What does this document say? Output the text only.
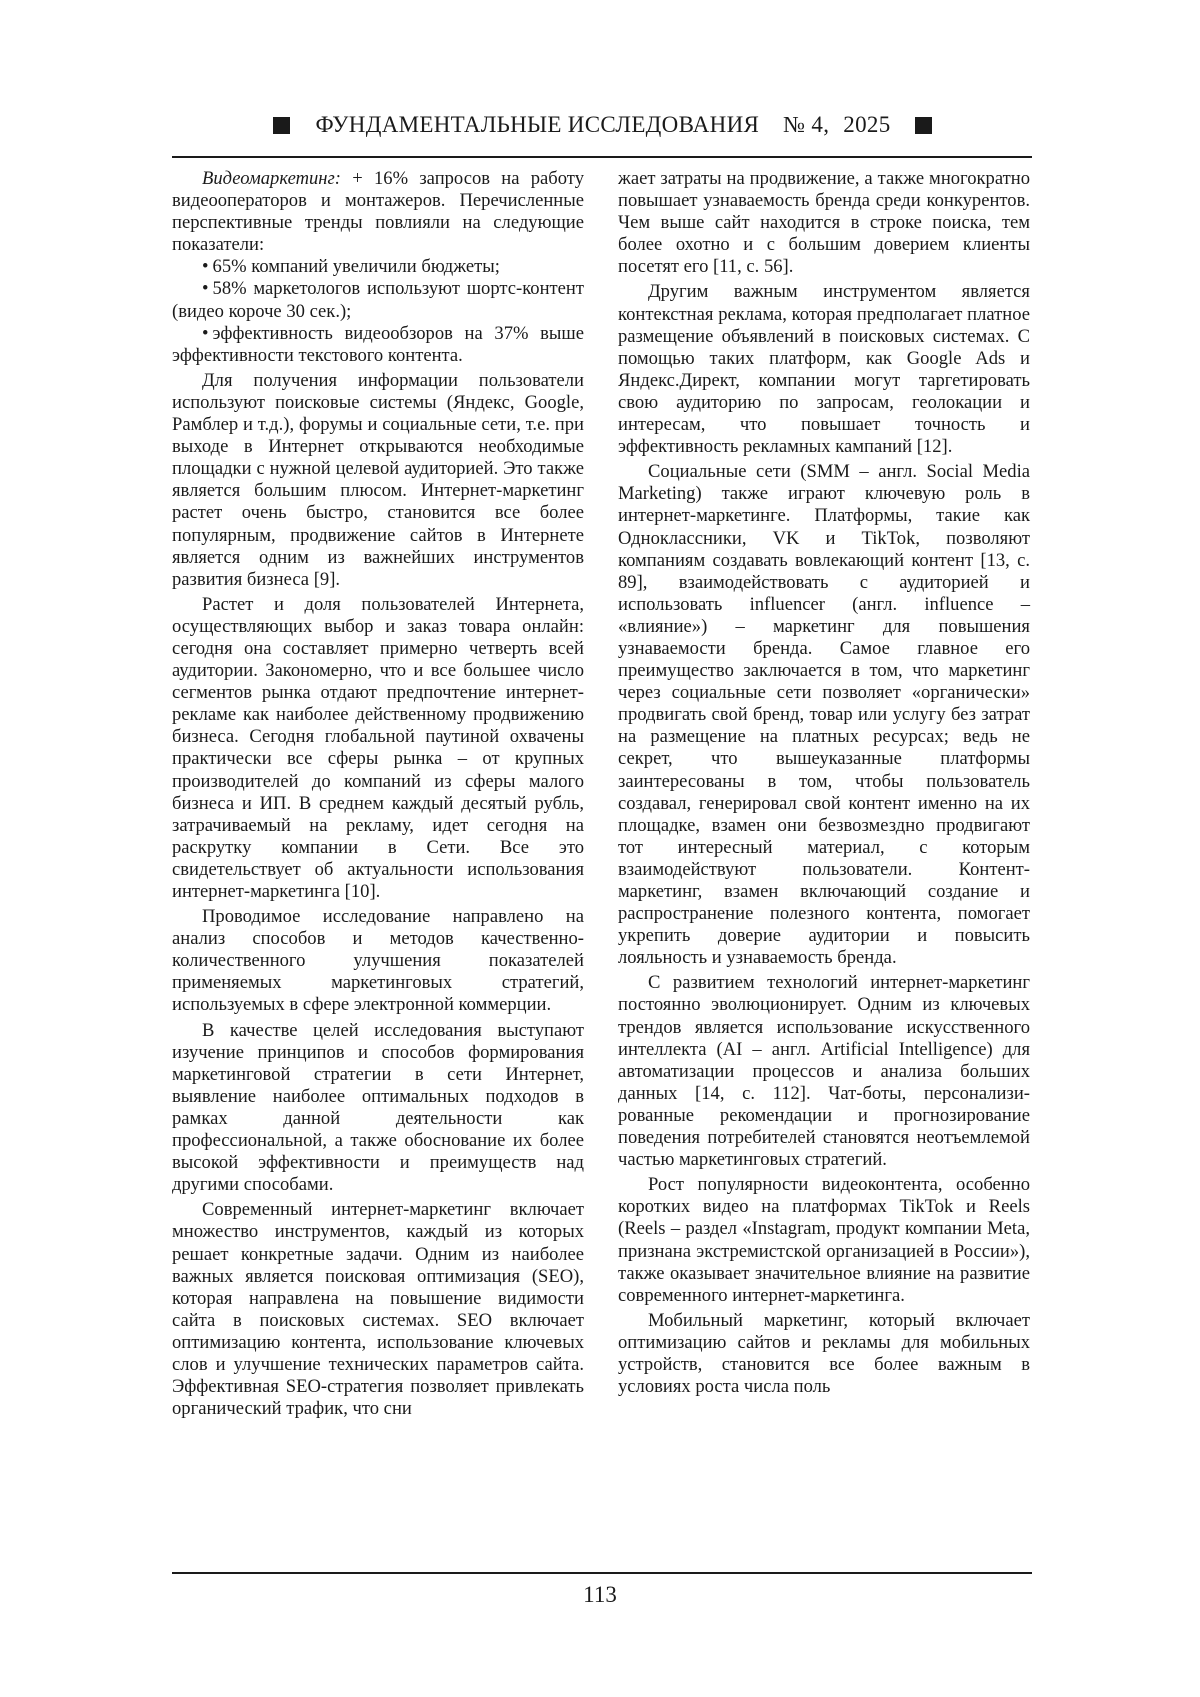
ФУНДАМЕНТАЛЬНЫЕ ИССЛЕДОВАНИЯ № 4, 2025

Видеомаркетинг: + 16% запросов на работу видеооператоров и монтажеров. Перечисленные перспективные тренды повлияли на следующие показатели:

• 65% компаний увеличили бюджеты;
• 58% маркетологов используют шортс-контент (видео короче 30 сек.);
• эффективность видеообзоров на 37% выше эффективности текстового контента.

Для получения информации пользователи используют поисковые системы (Яндекс, Google, Рамблер и т.д.), форумы и социальные сети, т.е. при выходе в Интернет открываются необходимые площадки с нужной целевой аудиторией. Это также является большим плюсом. Интернет-маркетинг растет очень быстро, становится все более популярным, продвижение сайтов в Интернете является одним из важнейших инструментов развития бизнеса [9].

Растет и доля пользователей Интернета, осуществляющих выбор и заказ товара онлайн: сегодня она составляет примерно четверть всей аудитории. Закономерно, что и все большее число сегментов рынка отдают предпочтение интернет-рекламе как наиболее действенному продвижению бизнеса. Сегодня глобальной паутиной охвачены практически все сферы рынка – от крупных производителей до компаний из сферы малого бизнеса и ИП. В среднем каждый десятый рубль, затрачиваемый на рекламу, идет сегодня на раскрутку компании в Сети. Все это свидетельствует об актуальности использования интернет-маркетинга [10].

Проводимое исследование направлено на анализ способов и методов качественно-количественного улучшения показателей применяемых маркетинговых стратегий, используемых в сфере электронной коммерции.

В качестве целей исследования выступают изучение принципов и способов формирования маркетинговой стратегии в сети Интернет, выявление наиболее оптимальных подходов в рамках данной деятельности как профессиональной, а также обоснование их более высокой эффективности и преимуществ над другими способами.

Современный интернет-маркетинг включает множество инструментов, каждый из которых решает конкретные задачи. Одним из наиболее важных является поисковая оптимизация (SEO), которая направлена на повышение видимости сайта в поисковых системах. SEO включает оптимизацию контента, использование ключевых слов и улучшение технических параметров сайта. Эффективная SEO-стратегия позволяет привлекать органический трафик, что сни

жает затраты на продвижение, а также многократно повышает узнаваемость бренда среди конкурентов. Чем выше сайт находится в строке поиска, тем более охотно и с большим доверием клиенты посетят его [11, с. 56].

Другим важным инструментом является контекстная реклама, которая предполагает платное размещение объявлений в поисковых системах. С помощью таких платформ, как Google Ads и Яндекс.Директ, компании могут таргетировать свою аудиторию по запросам, геолокации и интересам, что повышает точность и эффективность рекламных кампаний [12].

Социальные сети (SMM – англ. Social Media Marketing) также играют ключевую роль в интернет-маркетинге. Платформы, такие как Одноклассники, VK и TikTok, позволяют компаниям создавать вовлекающий контент [13, с. 89], взаимодействовать с аудиторией и использовать influencer (англ. influence – «влияние») – маркетинг для повышения узнаваемости бренда. Самое главное его преимущество заключается в том, что маркетинг через социальные сети позволяет «органически» продвигать свой бренд, товар или услугу без затрат на размещение на платных ресурсах; ведь не секрет, что вышеуказанные платформы заинтересованы в том, чтобы пользователь создавал, генерировал свой контент именно на их площадке, взамен они безвозмездно продвигают тот интересный материал, с которым взаимодействуют пользователи. Контент-маркетинг, взамен включающий создание и распространение полезного контента, помогает укрепить доверие аудитории и повысить лояльность и узнаваемость бренда.

С развитием технологий интернет-маркетинг постоянно эволюционирует. Одним из ключевых трендов является использование искусственного интеллекта (AI – англ. Artificial Intelligence) для автоматизации процессов и анализа больших данных [14, с. 112]. Чат-боты, персонализированные рекомендации и прогнозирование поведения потребителей становятся неотъемлемой частью маркетинговых стратегий.

Рост популярности видеоконтента, особенно коротких видео на платформах TikTok и Reels (Reels – раздел «Instagram, продукт компании Meta, признана экстремистской организацией в России»), также оказывает значительное влияние на развитие современного интернет-маркетинга.

Мобильный маркетинг, который включает оптимизацию сайтов и рекламы для мобильных устройств, становится все более важным в условиях роста числа поль

113
